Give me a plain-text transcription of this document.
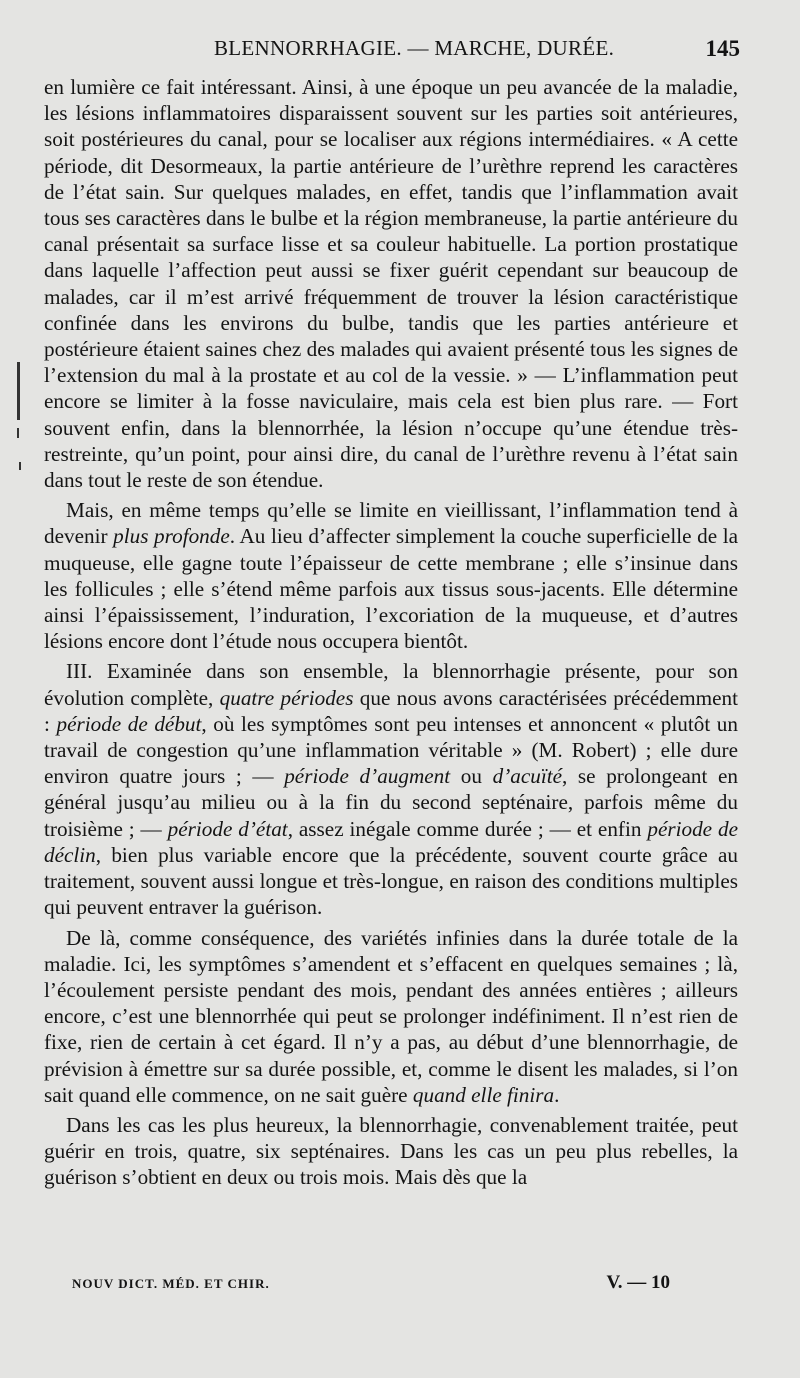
BLENNORRHAGIE. — MARCHE, DURÉE.	145

en lumière ce fait intéressant. Ainsi, à une époque un peu avancée de la maladie, les lésions inflammatoires disparaissent souvent sur les parties soit antérieures, soit postérieures du canal, pour se localiser aux régions intermédiaires. « A cette période, dit Desormeaux, la partie antérieure de l’urèthre reprend les caractères de l’état sain. Sur quelques malades, en effet, tandis que l’inflammation avait tous ses caractères dans le bulbe et la région membraneuse, la partie antérieure du canal présentait sa surface lisse et sa couleur habituelle. La portion prostatique dans laquelle l’affection peut aussi se fixer guérit cependant sur beaucoup de malades, car il m’est arrivé fréquemment de trouver la lésion caractéristique confinée dans les environs du bulbe, tandis que les parties antérieure et postérieure étaient saines chez des malades qui avaient présenté tous les signes de l’extension du mal à la prostate et au col de la vessie. » — L’inflammation peut encore se limiter à la fosse naviculaire, mais cela est bien plus rare. — Fort souvent enfin, dans la blennorrhée, la lésion n’occupe qu’une étendue très-restreinte, qu’un point, pour ainsi dire, du canal de l’urèthre revenu à l’état sain dans tout le reste de son étendue.

Mais, en même temps qu’elle se limite en vieillissant, l’inflammation tend à devenir plus profonde. Au lieu d’affecter simplement la couche superficielle de la muqueuse, elle gagne toute l’épaisseur de cette membrane ; elle s’insinue dans les follicules ; elle s’étend même parfois aux tissus sous-jacents. Elle détermine ainsi l’épaississement, l’induration, l’excoriation de la muqueuse, et d’autres lésions encore dont l’étude nous occupera bientôt.

III. Examinée dans son ensemble, la blennorrhagie présente, pour son évolution complète, quatre périodes que nous avons caractérisées précédemment : période de début, où les symptômes sont peu intenses et annoncent « plutôt un travail de congestion qu’une inflammation véritable » (M. Robert) ; elle dure environ quatre jours ; — période d’augment ou d’acuïté, se prolongeant en général jusqu’au milieu ou à la fin du second septénaire, parfois même du troisième ; — période d’état, assez inégale comme durée ; — et enfin période de déclin, bien plus variable encore que la précédente, souvent courte grâce au traitement, souvent aussi longue et très-longue, en raison des conditions multiples qui peuvent entraver la guérison.

De là, comme conséquence, des variétés infinies dans la durée totale de la maladie. Ici, les symptômes s’amendent et s’effacent en quelques semaines ; là, l’écoulement persiste pendant des mois, pendant des années entières ; ailleurs encore, c’est une blennorrhée qui peut se prolonger indéfiniment. Il n’est rien de fixe, rien de certain à cet égard. Il n’y a pas, au début d’une blennorrhagie, de prévision à émettre sur sa durée possible, et, comme le disent les malades, si l’on sait quand elle commence, on ne sait guère quand elle finira.

Dans les cas les plus heureux, la blennorrhagie, convenablement traitée, peut guérir en trois, quatre, six septénaires. Dans les cas un peu plus rebelles, la guérison s’obtient en deux ou trois mois. Mais dès que la

NOUV DICT. MÉD. ET CHIR.	V. — 10
